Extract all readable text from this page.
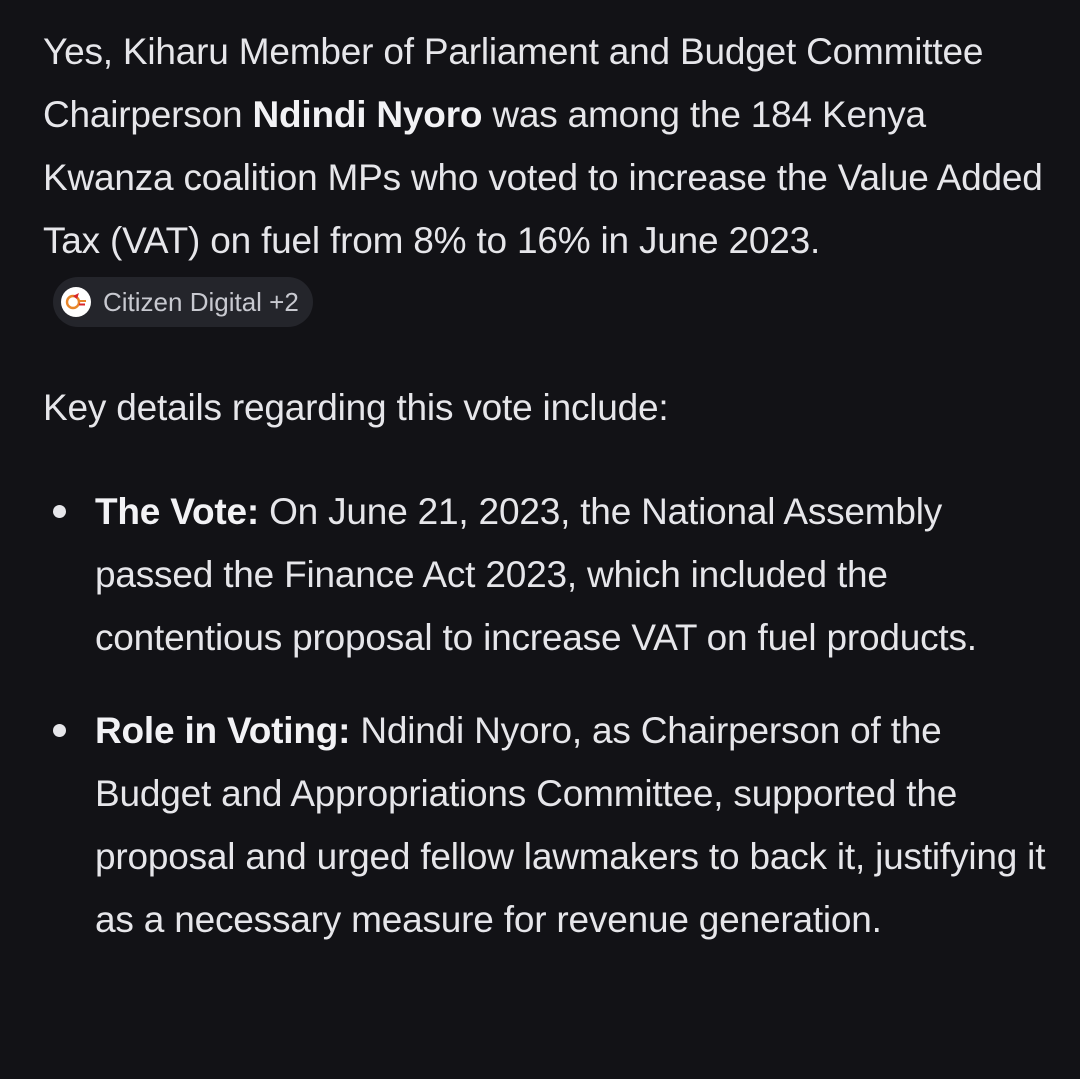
Yes, Kiharu Member of Parliament and Budget Committee Chairperson Ndindi Nyoro was among the 184 Kenya Kwanza coalition MPs who voted to increase the Value Added Tax (VAT) on fuel from 8% to 16% in June 2023.
Citizen Digital +2

Key details regarding this vote include:

The Vote: On June 21, 2023, the National Assembly passed the Finance Act 2023, which included the contentious proposal to increase VAT on fuel products.
Role in Voting: Ndindi Nyoro, as Chairperson of the Budget and Appropriations Committee, supported the proposal and urged fellow lawmakers to back it, justifying it as a necessary measure for revenue generation.
